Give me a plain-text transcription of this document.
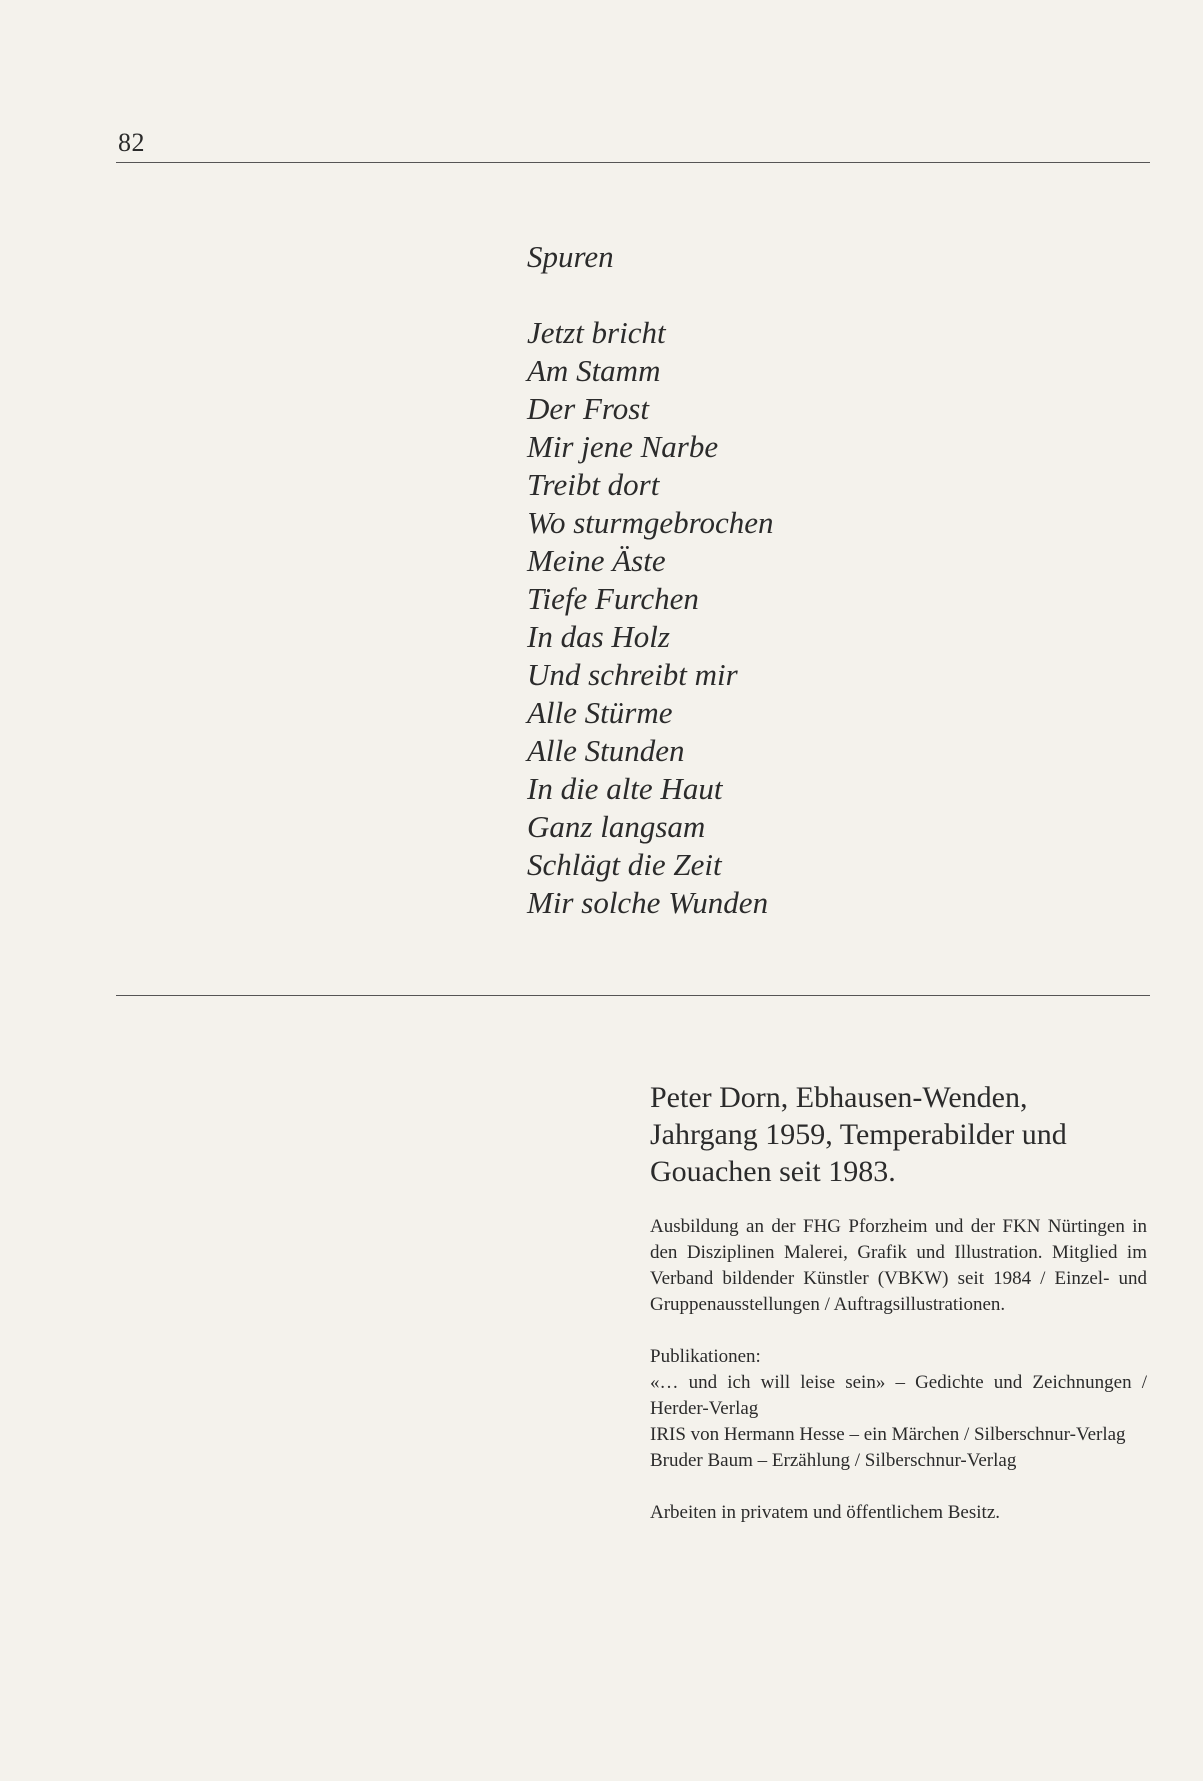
82
Spuren
Jetzt bricht
Am Stamm
Der Frost
Mir jene Narbe
Treibt dort
Wo sturmgebrochen
Meine Äste
Tiefe Furchen
In das Holz
Und schreibt mir
Alle Stürme
Alle Stunden
In die alte Haut
Ganz langsam
Schlägt die Zeit
Mir solche Wunden
Peter Dorn, Ebhausen-Wenden,
Jahrgang 1959, Temperabilder und
Gouachen seit 1983.

Ausbildung an der FHG Pforzheim und der FKN Nürtingen in den Disziplinen Malerei, Grafik und Illustration. Mitglied im Verband bildender Künstler (VBKW) seit 1984 / Einzel- und Gruppenausstellungen / Auftragsillustrationen.

Publikationen:
«… und ich will leise sein» – Gedichte und Zeichnungen / Herder-Verlag
IRIS von Hermann Hesse – ein Märchen / Silberschnur-Verlag
Bruder Baum – Erzählung / Silberschnur-Verlag

Arbeiten in privatem und öffentlichem Besitz.
